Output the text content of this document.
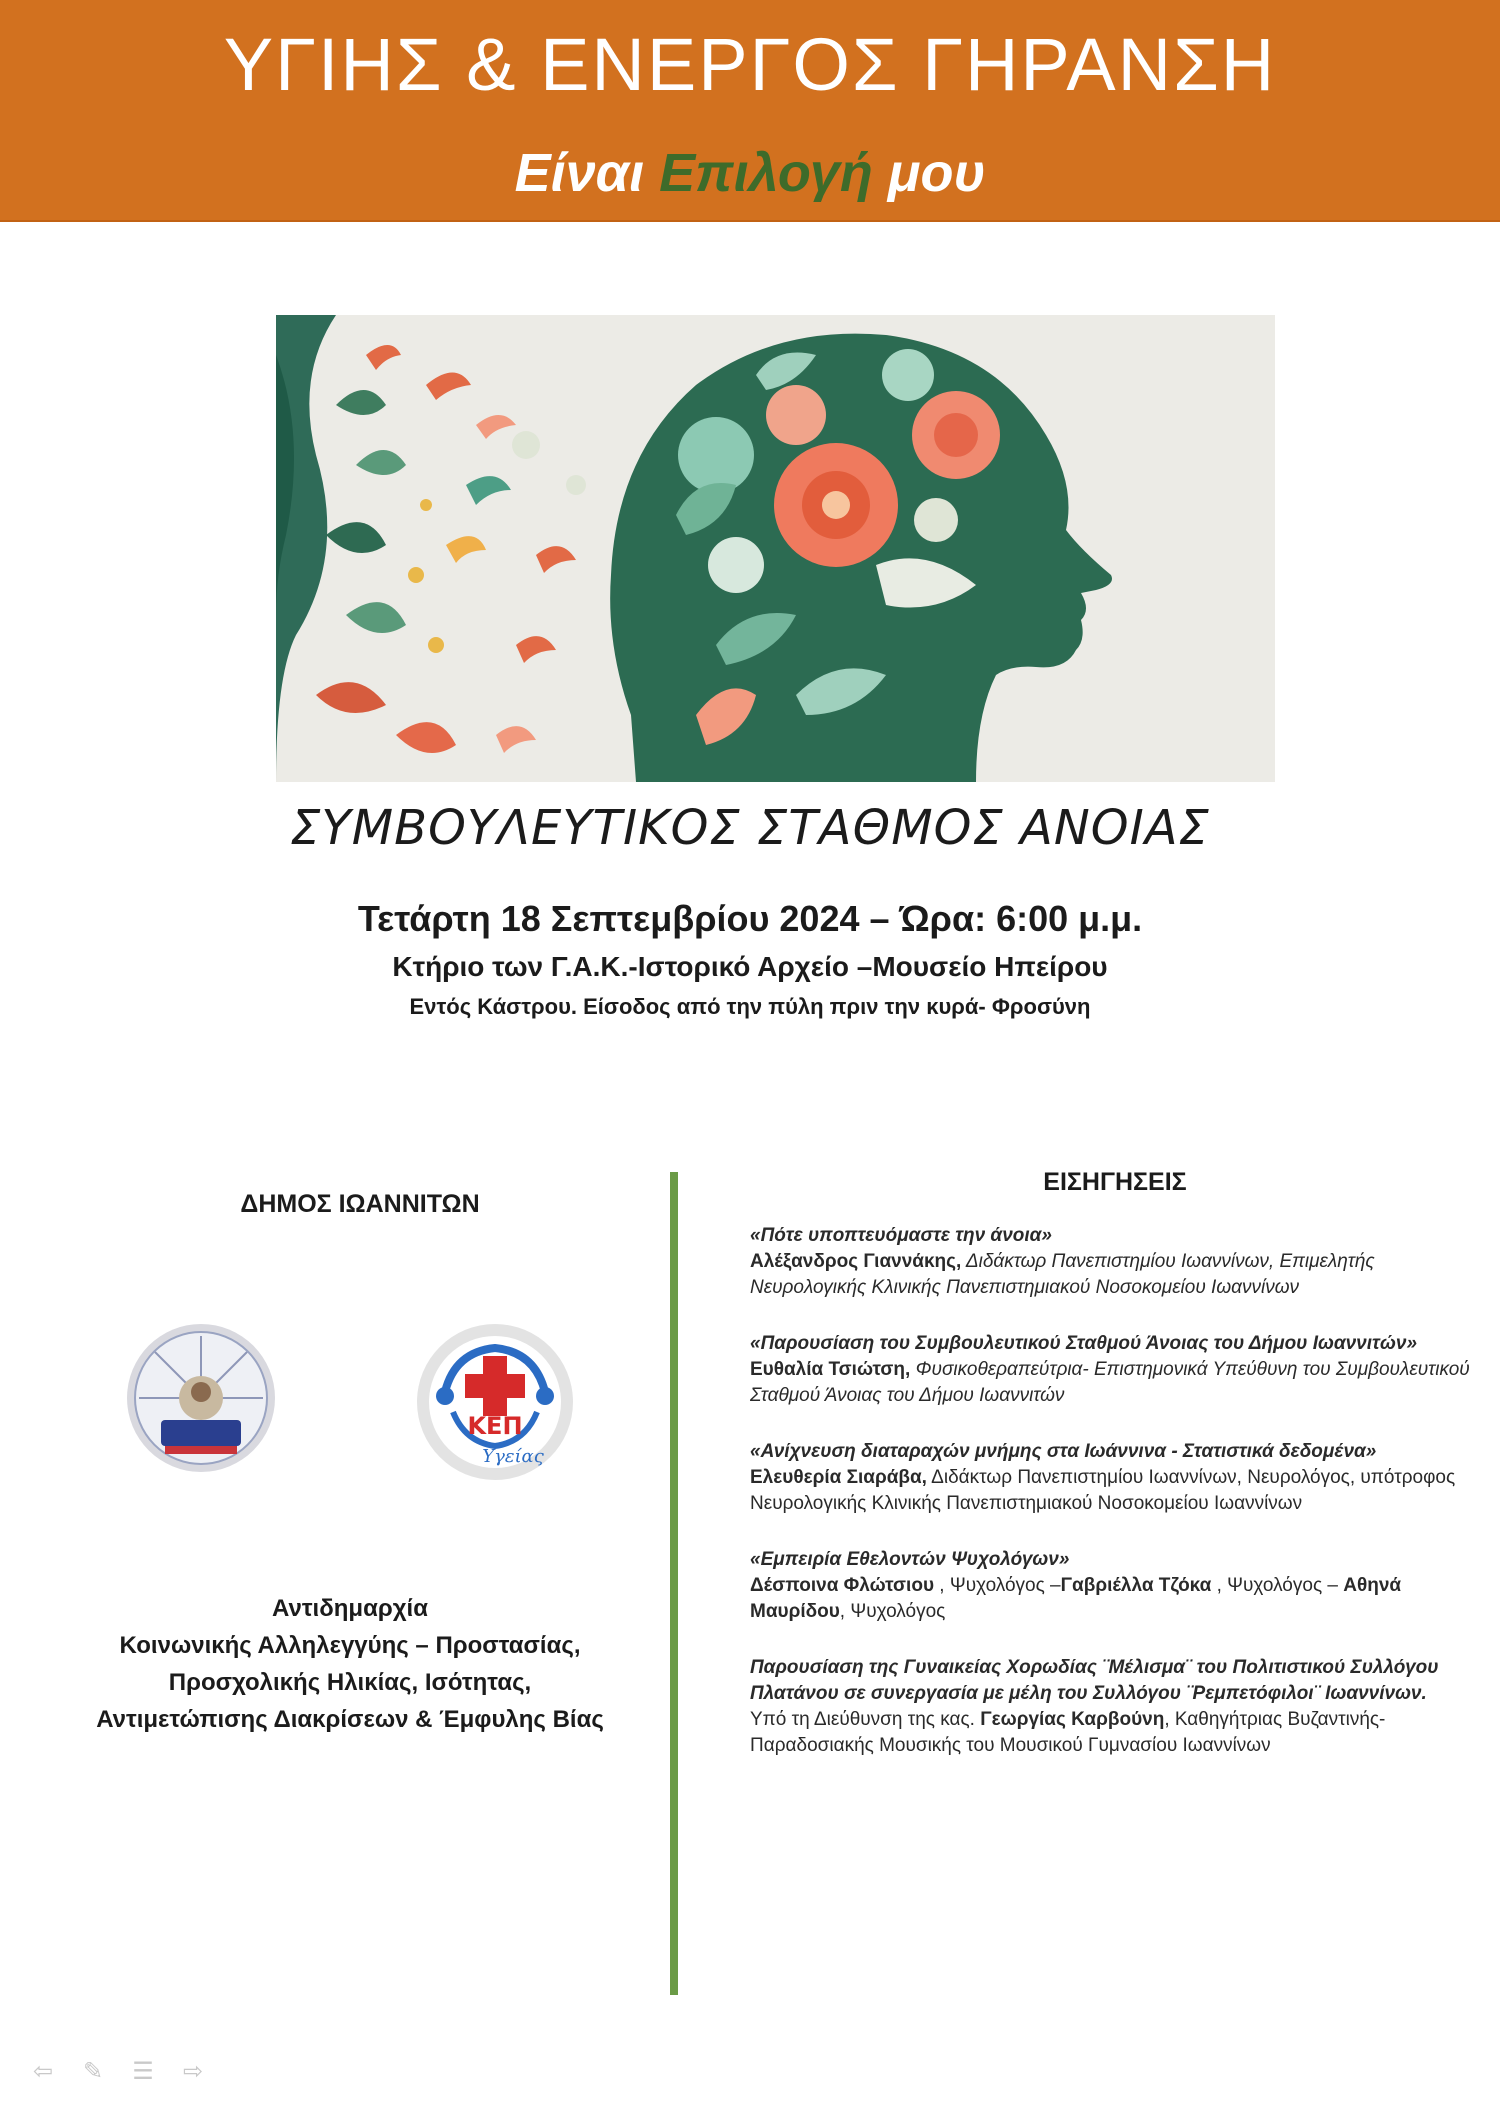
ΥΓΙΗΣ & ΕΝΕΡΓΟΣ ΓΗΡΑΝΣΗ
Είναι Επιλογή μου
ΣΥΜΒΟΥΛΕΥΤΙΚΟΣ ΣΤΑΘΜΟΣ ΑΝΟΙΑΣ
Τετάρτη 18 Σεπτεμβρίου 2024 – Ώρα: 6:00 μ.μ.
Κτήριο των Γ.Α.Κ.-Ιστορικό Αρχείο –Μουσείο Ηπείρου
Εντός Κάστρου. Είσοδος από την πύλη πριν την κυρά- Φροσύνη
ΔΗΜΟΣ ΙΩΑΝΝΙΤΩΝ
ΚΕΠ
Υγείας
Αντιδημαρχία
Κοινωνικής Αλληλεγγύης – Προστασίας,
Προσχολικής Ηλικίας, Ισότητας,
Αντιμετώπισης Διακρίσεων & Έμφυλης Βίας
ΕΙΣΗΓΗΣΕΙΣ
«Πότε υποπτευόμαστε την άνοια»
Αλέξανδρος Γιαννάκης, Διδάκτωρ Πανεπιστημίου Ιωαννίνων, Επιμελητής Νευρολογικής Κλινικής Πανεπιστημιακού Νοσοκομείου Ιωαννίνων
«Παρουσίαση του Συμβουλευτικού Σταθμού Άνοιας του Δήμου Ιωαννιτών»
Ευθαλία Τσιώτση, Φυσικοθεραπεύτρια- Επιστημονικά Υπεύθυνη του Συμβουλευτικού Σταθμού Άνοιας του Δήμου Ιωαννιτών
«Ανίχνευση διαταραχών μνήμης στα Ιωάννινα - Στατιστικά δεδομένα»
Ελευθερία Σιαράβα, Διδάκτωρ Πανεπιστημίου Ιωαννίνων, Νευρολόγος, υπότροφος Νευρολογικής Κλινικής Πανεπιστημιακού Νοσοκομείου Ιωαννίνων
«Εμπειρία Εθελοντών Ψυχολόγων»
Δέσποινα Φλώτσιου , Ψυχολόγος –Γαβριέλλα Τζόκα , Ψυχολόγος – Αθηνά Μαυρίδου, Ψυχολόγος
Παρουσίαση της Γυναικείας Χορωδίας ¨Μέλισμα¨ του Πολιτιστικού Συλλόγου Πλατάνου σε συνεργασία με μέλη του Συλλόγου ¨Ρεμπετόφιλοι¨ Ιωαννίνων.
Υπό τη Διεύθυνση της κας. Γεωργίας Καρβούνη, Καθηγήτριας Βυζαντινής- Παραδοσιακής Μουσικής του Μουσικού Γυμνασίου Ιωαννίνων
⇦ ✎ ☰ ⇨
